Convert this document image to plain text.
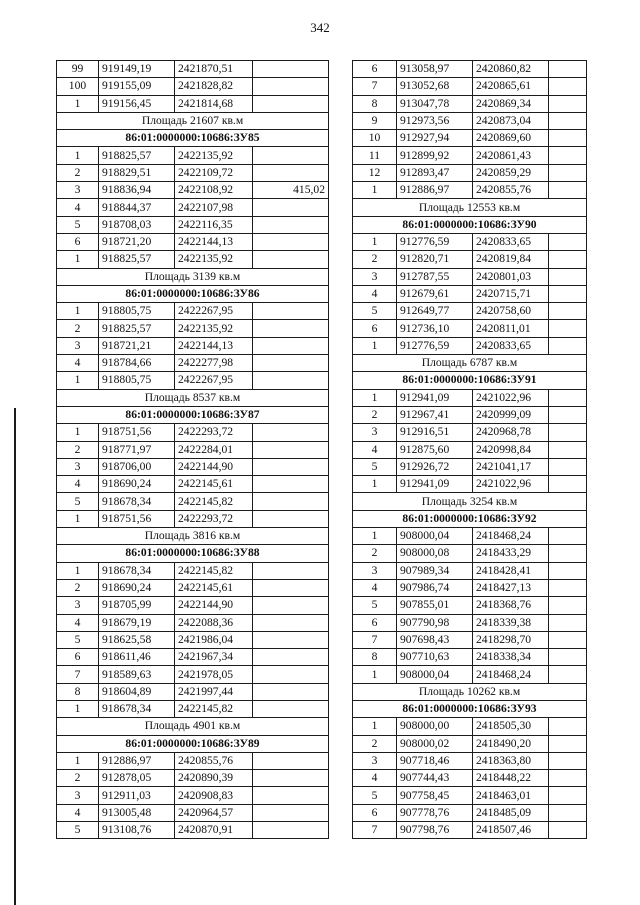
342
99	919149,19	2421870,51	
100	919155,09	2421828,82	
1	919156,45	2421814,68	
Площадь 21607 кв.м			
86:01:0000000:10686:ЗУ85			
1	918825,57	2422135,92	
2	918829,51	2422109,72	
3	918836,94	2422108,92	415,02
4	918844,37	2422107,98	
5	918708,03	2422116,35	
6	918721,20	2422144,13	
1	918825,57	2422135,92	
Площадь 3139 кв.м			
86:01:0000000:10686:ЗУ86			
1	918805,75	2422267,95	
2	918825,57	2422135,92	
3	918721,21	2422144,13	
4	918784,66	2422277,98	
1	918805,75	2422267,95	
Площадь 8537 кв.м			
86:01:0000000:10686:ЗУ87			
1	918751,56	2422293,72	
2	918771,97	2422284,01	
3	918706,00	2422144,90	
4	918690,24	2422145,61	
5	918678,34	2422145,82	
1	918751,56	2422293,72	
Площадь 3816 кв.м			
86:01:0000000:10686:ЗУ88			
1	918678,34	2422145,82	
2	918690,24	2422145,61	
3	918705,99	2422144,90	
4	918679,19	2422088,36	
5	918625,58	2421986,04	
6	918611,46	2421967,34	
7	918589,63	2421978,05	
8	918604,89	2421997,44	
1	918678,34	2422145,82	
Площадь 4901 кв.м			
86:01:0000000:10686:ЗУ89			
1	912886,97	2420855,76	
2	912878,05	2420890,39	
3	912911,03	2420908,83	
4	913005,48	2420964,57	
5	913108,76	2420870,91	
6	913058,97	2420860,82	
7	913052,68	2420865,61	
8	913047,78	2420869,34	
9	912973,56	2420873,04	
10	912927,94	2420869,60	
11	912899,92	2420861,43	
12	912893,47	2420859,29	
1	912886,97	2420855,76	
Площадь 12553 кв.м			
86:01:0000000:10686:ЗУ90			
1	912776,59	2420833,65	
2	912820,71	2420819,84	
3	912787,55	2420801,03	
4	912679,61	2420715,71	
5	912649,77	2420758,60	
6	912736,10	2420811,01	
1	912776,59	2420833,65	
Площадь 6787 кв.м			
86:01:0000000:10686:ЗУ91			
1	912941,09	2421022,96	
2	912967,41	2420999,09	
3	912916,51	2420968,78	
4	912875,60	2420998,84	
5	912926,72	2421041,17	
1	912941,09	2421022,96	
Площадь 3254 кв.м			
86:01:0000000:10686:ЗУ92			
1	908000,04	2418468,24	
2	908000,08	2418433,29	
3	907989,34	2418428,41	
4	907986,74	2418427,13	
5	907855,01	2418368,76	
6	907790,98	2418339,38	
7	907698,43	2418298,70	
8	907710,63	2418338,34	
1	908000,04	2418468,24	
Площадь 10262 кв.м			
86:01:0000000:10686:ЗУ93			
1	908000,00	2418505,30	
2	908000,02	2418490,20	
3	907718,46	2418363,80	
4	907744,43	2418448,22	
5	907758,45	2418463,01	
6	907778,76	2418485,09	
7	907798,76	2418507,46	
